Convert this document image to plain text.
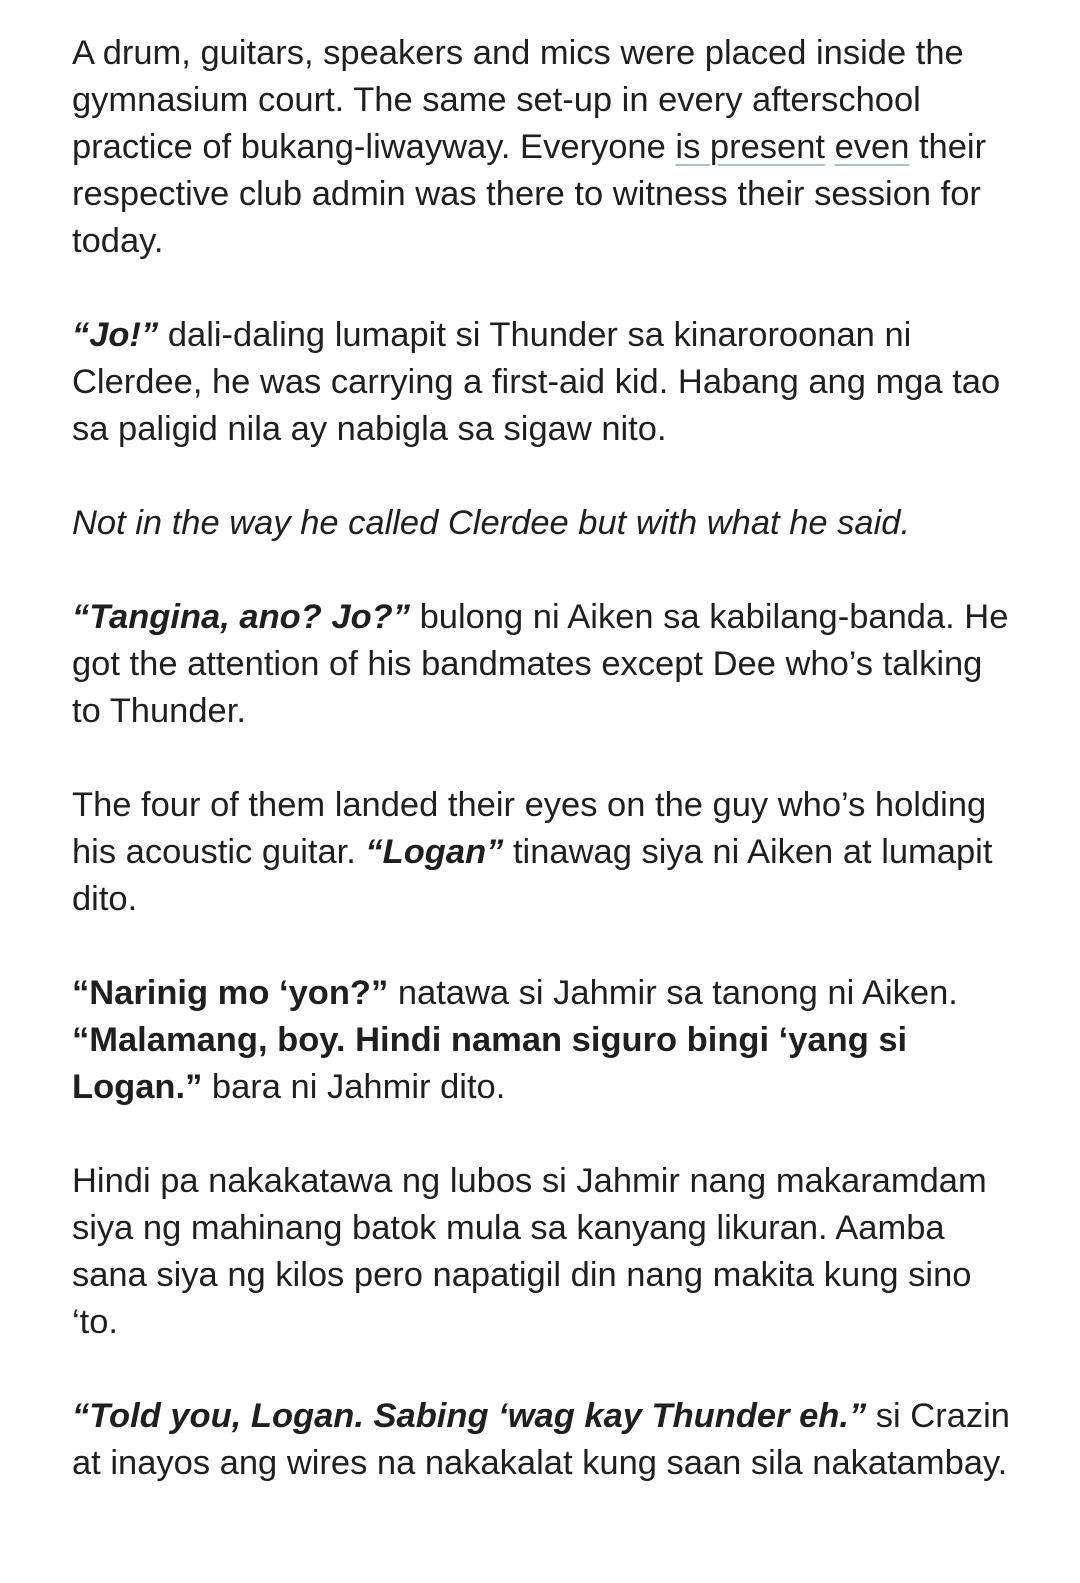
A drum, guitars, speakers and mics were placed inside the gymnasium court. The same set-up in every afterschool practice of bukang-liwayway. Everyone is present even their respective club admin was there to witness their session for today.

“Jo!” dali-daling lumapit si Thunder sa kinaroroonan ni Clerdee, he was carrying a first-aid kid. Habang ang mga tao sa paligid nila ay nabigla sa sigaw nito.

Not in the way he called Clerdee but with what he said.

“Tangina, ano? Jo?” bulong ni Aiken sa kabilang-banda. He got the attention of his bandmates except Dee who’s talking to Thunder.

The four of them landed their eyes on the guy who’s holding his acoustic guitar. “Logan” tinawag siya ni Aiken at lumapit dito.

“Narinig mo ‘yon?” natawa si Jahmir sa tanong ni Aiken. “Malamang, boy. Hindi naman siguro bingi ‘yang si Logan.” bara ni Jahmir dito.

Hindi pa nakakatawa ng lubos si Jahmir nang makaramdam siya ng mahinang batok mula sa kanyang likuran. Aamba sana siya ng kilos pero napatigil din nang makita kung sino ‘to.

“Told you, Logan. Sabing ‘wag kay Thunder eh.” si Crazin at inayos ang wires na nakakalat kung saan sila nakatambay.
